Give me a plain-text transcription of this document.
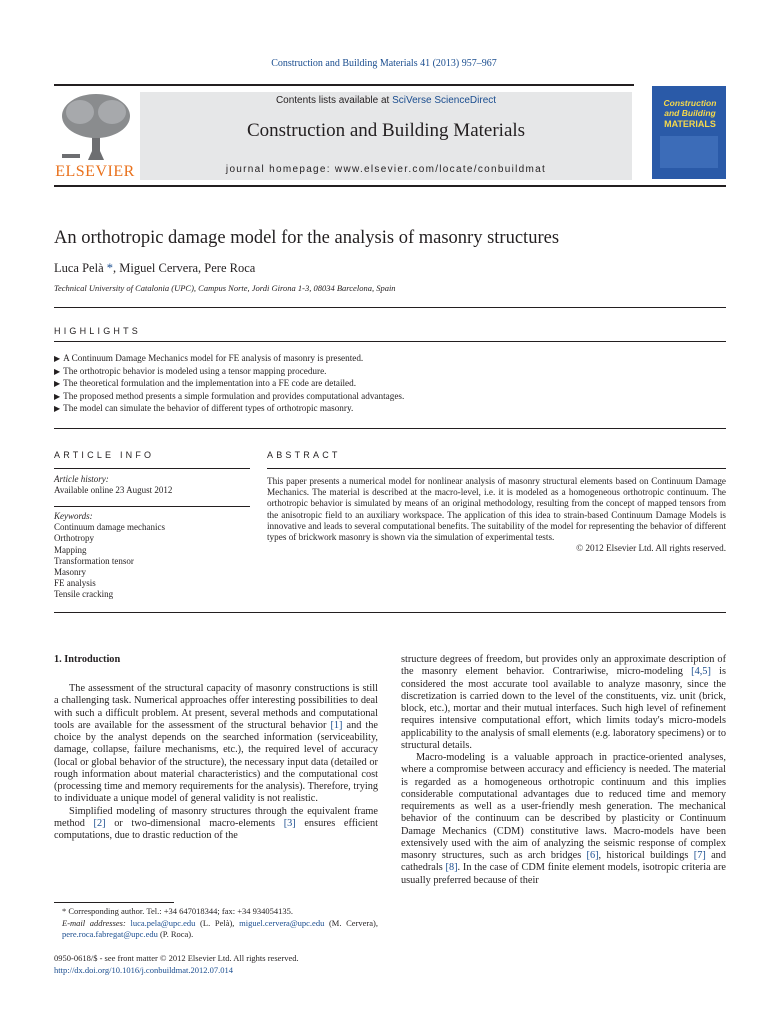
Construction and Building Materials 41 (2013) 957–967
ELSEVIER
Contents lists available at SciVerse ScienceDirect
Construction and Building Materials
journal homepage: www.elsevier.com/locate/conbuildmat
Construction and Building
MATERIALS
An orthotropic damage model for the analysis of masonry structures
Luca Pelà *, Miguel Cervera, Pere Roca
Technical University of Catalonia (UPC), Campus Norte, Jordi Girona 1-3, 08034 Barcelona, Spain
HIGHLIGHTS
▶ A Continuum Damage Mechanics model for FE analysis of masonry is presented.
▶ The orthotropic behavior is modeled using a tensor mapping procedure.
▶ The theoretical formulation and the implementation into a FE code are detailed.
▶ The proposed method presents a simple formulation and provides computational advantages.
▶ The model can simulate the behavior of different types of orthotropic masonry.
ARTICLE INFO
Article history:
Available online 23 August 2012
Keywords:
Continuum damage mechanics
Orthotropy
Mapping
Transformation tensor
Masonry
FE analysis
Tensile cracking
ABSTRACT

This paper presents a numerical model for nonlinear analysis of masonry structural elements based on Continuum Damage Mechanics. The material is described at the macro-level, i.e. it is modeled as a homogeneous orthotropic continuum. The orthotropic behavior is simulated by means of an original methodology, resulting from the concept of mapped tensors from the anisotropic field to an auxiliary workspace. The application of this idea to strain-based Continuum Damage Models is innovative and leads to several computational benefits. The suitability of the model for representing the behavior of different types of brickwork masonry is shown via the simulation of experimental tests.

© 2012 Elsevier Ltd. All rights reserved.

1. Introduction

The assessment of the structural capacity of masonry constructions is still a challenging task. Numerical approaches offer interesting possibilities to deal with such a difficult problem. At present, several methods and computational tools are available for the assessment of the structural behavior [1] and the choice by the analyst depends on the searched information (serviceability, damage, collapse, failure mechanisms, etc.), the required level of accuracy (local or global behavior of the structure), the necessary input data (detailed or rough information about material characteristics) and the computational cost (processing time and memory requirements for the analysis). Therefore, trying to individuate a unique model of general validity is not realistic.

Simplified modeling of masonry structures through the equivalent frame method [2] or two-dimensional macro-elements [3] ensures efficient computations, due to drastic reduction of the

* Corresponding author. Tel.: +34 647018344; fax: +34 934054135.
E-mail addresses: luca.pela@upc.edu (L. Pelà), miguel.cervera@upc.edu (M. Cervera), pere.roca.fabregat@upc.edu (P. Roca).
0950-0618/$ - see front matter © 2012 Elsevier Ltd. All rights reserved.
http://dx.doi.org/10.1016/j.conbuildmat.2012.07.014

structure degrees of freedom, but provides only an approximate description of the masonry element behavior. Contrariwise, micro-modeling [4,5] is considered the most accurate tool available to analyze masonry, since the discretization is carried down to the level of the constituents, viz. unit (brick, block, etc.), mortar and their mutual interfaces. Such high level of refinement requires intensive computational effort, which limits today's micro-models applicability to the analysis of small elements (e.g. laboratory specimens) or to structural details.

Macro-modeling is a valuable approach in practice-oriented analyses, where a compromise between accuracy and efficiency is needed. The material is regarded as a homogeneous orthotropic continuum and this implies considerable computational advantages due to reduced time and memory requirements as well as a user-friendly mesh generation. The mechanical behavior of the continuum can be described by plasticity or Continuum Damage Mechanics (CDM) constitutive laws. Macro-models have been extensively used with the aim of analyzing the seismic response of complex masonry structures, such as arch bridges [6], historical buildings [7] and cathedrals [8]. In the case of CDM finite element models, isotropic criteria are usually preferred because of their
